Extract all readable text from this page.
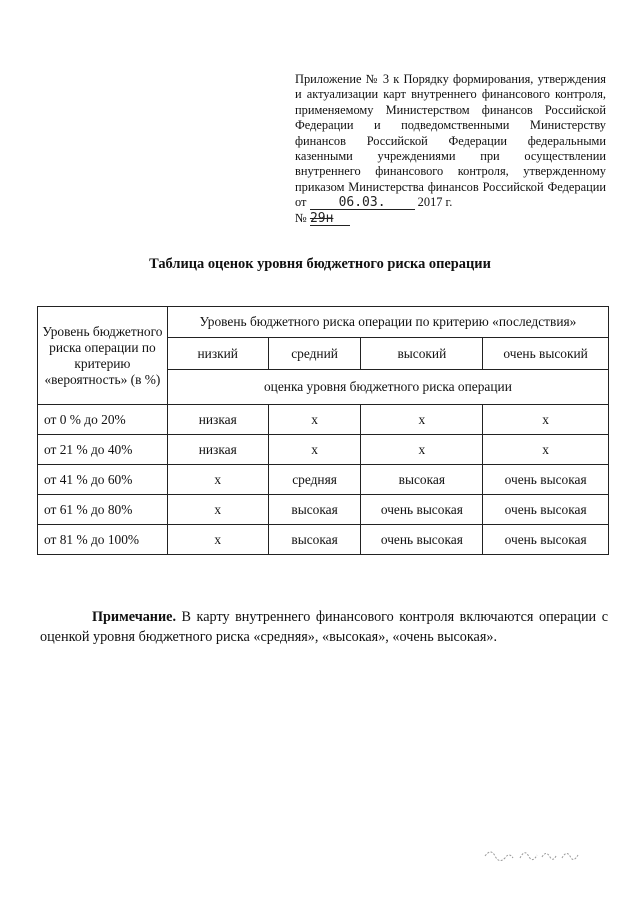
Приложение № 3 к Порядку формирования, утверждения и актуализации карт внутреннего финансового контроля, применяемому Министерством финансов Российской Федерации и подведомственными Министерству финансов Российской Федерации федеральными казенными учреждениями при осуществлении внутреннего финансового контроля, утвержденному приказом Министерства финансов Российской Федерации от 06.03.	2017 г.
№ 29н
Таблица оценок уровня бюджетного риска операции
Уровень бюджетного риска операции по критерию «вероятность» (в %)	Уровень бюджетного риска операции по критерию «последствия»			
	низкий	средний	высокий	очень высокий
	оценка уровня бюджетного риска операции			
от 0 % до 20%	низкая	х	х	х
от 21 % до 40%	низкая	х	х	х
от 41 % до 60%	х	средняя	высокая	очень высокая
от 61 % до 80%	х	высокая	очень высокая	очень высокая
от 81 % до 100%	х	высокая	очень высокая	очень высокая
Примечание. В карту внутреннего финансового контроля включаются операции с оценкой уровня бюджетного риска «средняя», «высокая», «очень высокая».
